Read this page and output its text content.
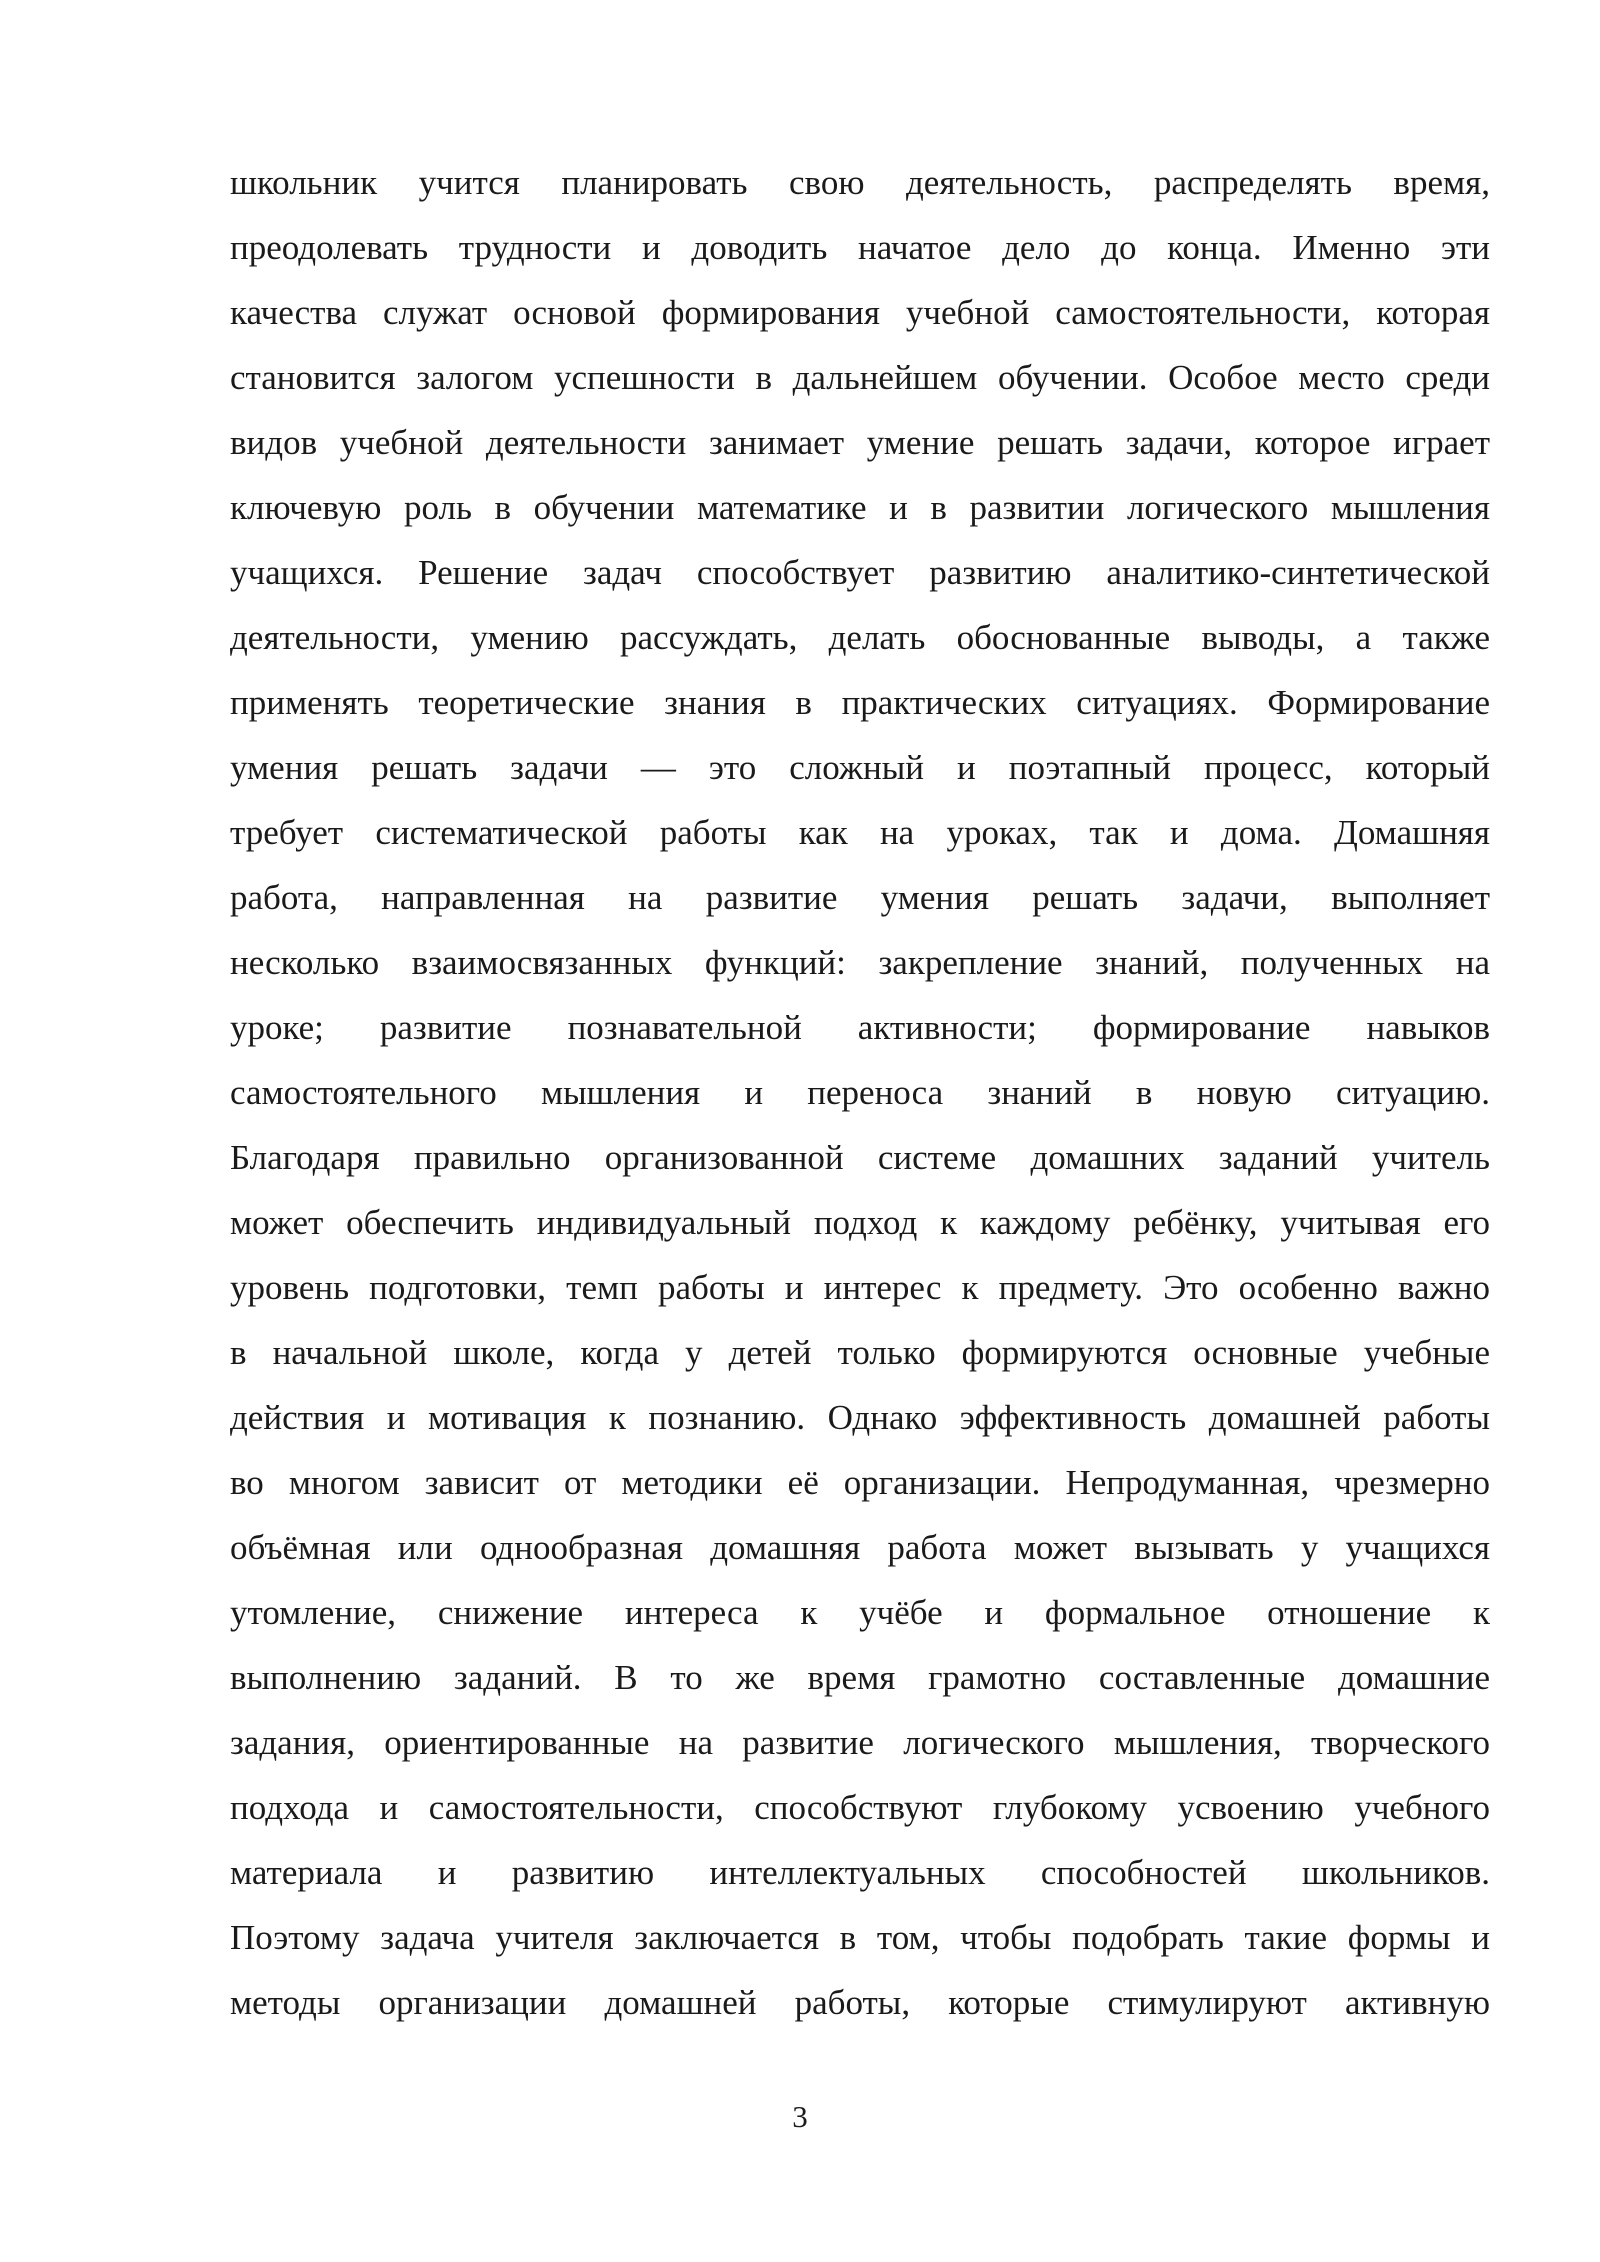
школьник учится планировать свою деятельность, распределять время,
преодолевать трудности и доводить начатое дело до конца. Именно эти
качества служат основой формирования учебной самостоятельности, которая
становится залогом успешности в дальнейшем обучении. Особое место среди
видов учебной деятельности занимает умение решать задачи, которое играет
ключевую роль в обучении математике и в развитии логического мышления
учащихся. Решение задач способствует развитию аналитико-синтетической
деятельности, умению рассуждать, делать обоснованные выводы, а также
применять теоретические знания в практических ситуациях. Формирование
умения решать задачи — это сложный и поэтапный процесс, который
требует систематической работы как на уроках, так и дома. Домашняя
работа, направленная на развитие умения решать задачи, выполняет
несколько взаимосвязанных функций: закрепление знаний, полученных на
уроке; развитие познавательной активности; формирование навыков
самостоятельного мышления и переноса знаний в новую ситуацию.
Благодаря правильно организованной системе домашних заданий учитель
может обеспечить индивидуальный подход к каждому ребёнку, учитывая его
уровень подготовки, темп работы и интерес к предмету. Это особенно важно
в начальной школе, когда у детей только формируются основные учебные
действия и мотивация к познанию. Однако эффективность домашней работы
во многом зависит от методики её организации. Непродуманная, чрезмерно
объёмная или однообразная домашняя работа может вызывать у учащихся
утомление, снижение интереса к учёбе и формальное отношение к
выполнению заданий. В то же время грамотно составленные домашние
задания, ориентированные на развитие логического мышления, творческого
подхода и самостоятельности, способствуют глубокому усвоению учебного
материала и развитию интеллектуальных способностей школьников.
Поэтому задача учителя заключается в том, чтобы подобрать такие формы и
методы организации домашней работы, которые стимулируют активную
3
